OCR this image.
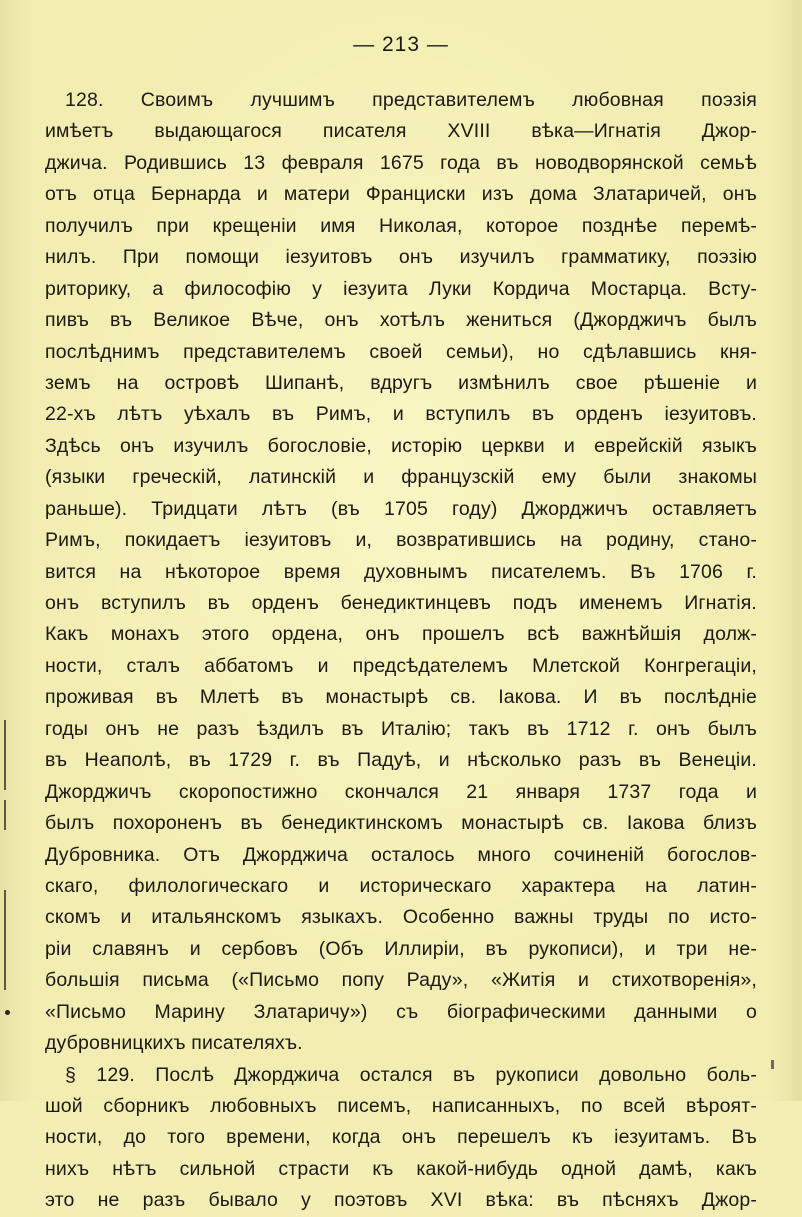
— 213 —
128. Своимъ лучшимъ представителемъ любовная поэзія
имѣетъ выдающагося писателя XVIII вѣка—Игнатія Джор-
джича. Родившись 13 февраля 1675 года въ новодворянской семьѣ
отъ отца Бернарда и матери Франциски изъ дома Златаричей, онъ
получилъ при крещеніи имя Николая, которое позднѣе перемѣ-
нилъ. При помощи іезуитовъ онъ изучилъ грамматику, поэзію
риторику, а философію у іезуита Луки Кордича Мостарца. Всту-
пивъ въ Великое Вѣче, онъ хотѣлъ жениться (Джорджичъ былъ
послѣднимъ представителемъ своей семьи), но сдѣлавшись кня-
земъ на островѣ Шипанѣ, вдругъ измѣнилъ свое рѣшеніе и
22-хъ лѣтъ уѣхалъ въ Римъ, и вступилъ въ орденъ іезуитовъ.
Здѣсь онъ изучилъ богословіе, исторію церкви и еврейскій языкъ
(языки греческій, латинскій и французскій ему были знакомы
раньше). Тридцати лѣтъ (въ 1705 году) Джорджичъ оставляетъ
Римъ, покидаетъ іезуитовъ и, возвратившись на родину, стано-
вится на нѣкоторое время духовнымъ писателемъ. Въ 1706 г.
онъ вступилъ въ орденъ бенедиктинцевъ подъ именемъ Игнатія.
Какъ монахъ этого ордена, онъ прошелъ всѣ важнѣйшія долж-
ности, сталъ аббатомъ и предсѣдателемъ Млетской Конгрегаціи,
проживая въ Млетѣ въ монастырѣ св. Іакова. И въ послѣдніе
годы онъ не разъ ѣздилъ въ Италію; такъ въ 1712 г. онъ былъ
въ Неаполѣ, въ 1729 г. въ Падуѣ, и нѣсколько разъ въ Венеціи.
Джорджичъ скоропостижно скончался 21 января 1737 года и
былъ похороненъ въ бенедиктинскомъ монастырѣ св. Іакова близъ
Дубровника. Отъ Джорджича осталось много сочиненій богослов-
скаго, филологическаго и историческаго характера на латин-
скомъ и итальянскомъ языкахъ. Особенно важны труды по исто-
ріи славянъ и сербовъ (Объ Иллиріи, въ рукописи), и три не-
большія письма («Письмо попу Раду», «Житія и стихотворенія»,
«Письмо Марину Златаричу») съ біографическими данными о
дубровницкихъ писателяхъ.
§ 129. Послѣ Джорджича остался въ рукописи довольно боль-
шой сборникъ любовныхъ писемъ, написанныхъ, по всей вѣроят-
ности, до того времени, когда онъ перешелъ къ іезуитамъ. Въ
нихъ нѣтъ сильной страсти къ какой-нибудь одной дамѣ, какъ
это не разъ бывало у поэтовъ XVI вѣка: въ пѣсняхъ Джор-
